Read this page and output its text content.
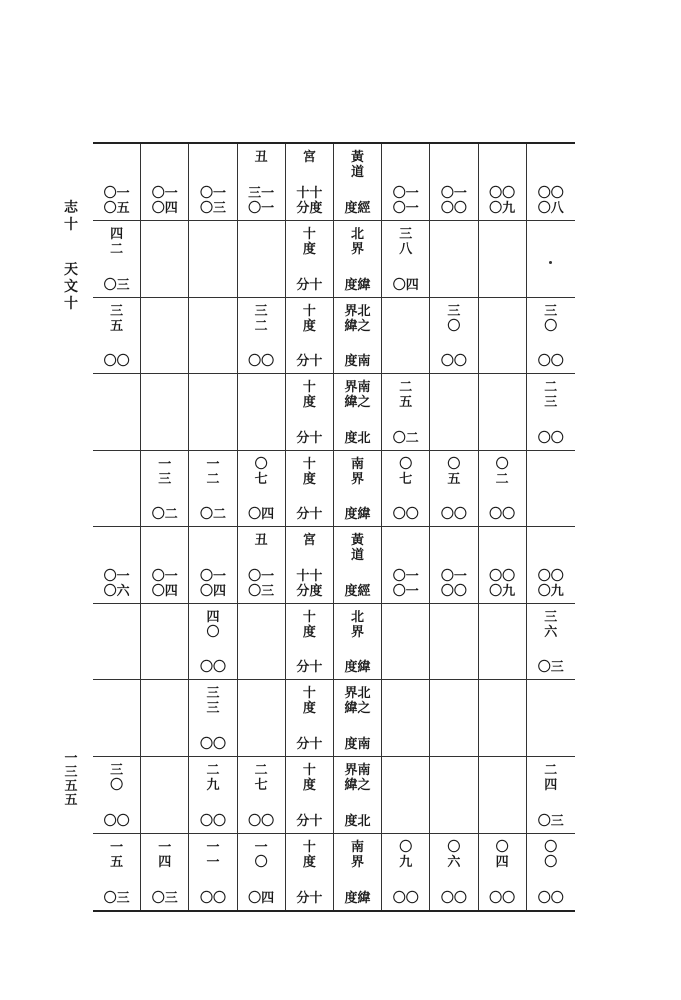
志
十
天
文
十
一
三
五
五
〇一
〇五
〇一
〇四
〇一
〇三
丑
三一
〇一
宮
十十
分度
黃
道
度經
〇一
〇一
〇一
〇〇
〇〇
〇九
〇〇
〇八
四
二
〇三
十
度
分十
北
界
度緯
三
八
〇四
三
五
〇〇
三
二
〇〇
十
度
分十
界北
緯之
度南
三
〇
〇〇
三
〇
〇〇
十
度
分十
界南
緯之
度北
二
五
〇二
二
三
〇〇
一
三
〇二
一
二
〇二
〇
七
〇四
十
度
分十
南
界
度緯
〇
七
〇〇
〇
五
〇〇
〇
二
〇〇
〇一
〇六
〇一
〇四
〇一
〇四
丑
〇一
〇三
宮
十十
分度
黃
道
度經
〇一
〇一
〇一
〇〇
〇〇
〇九
〇〇
〇九
四
〇
〇〇
十
度
分十
北
界
度緯
三
六
〇三
三
三
〇〇
十
度
分十
界北
緯之
度南
三
〇
〇〇
二
九
〇〇
二
七
〇〇
十
度
分十
界南
緯之
度北
二
四
〇三
一
五
〇三
一
四
〇三
一
一
〇〇
一
〇
〇四
十
度
分十
南
界
度緯
〇
九
〇〇
〇
六
〇〇
〇
四
〇〇
〇
〇
〇〇
